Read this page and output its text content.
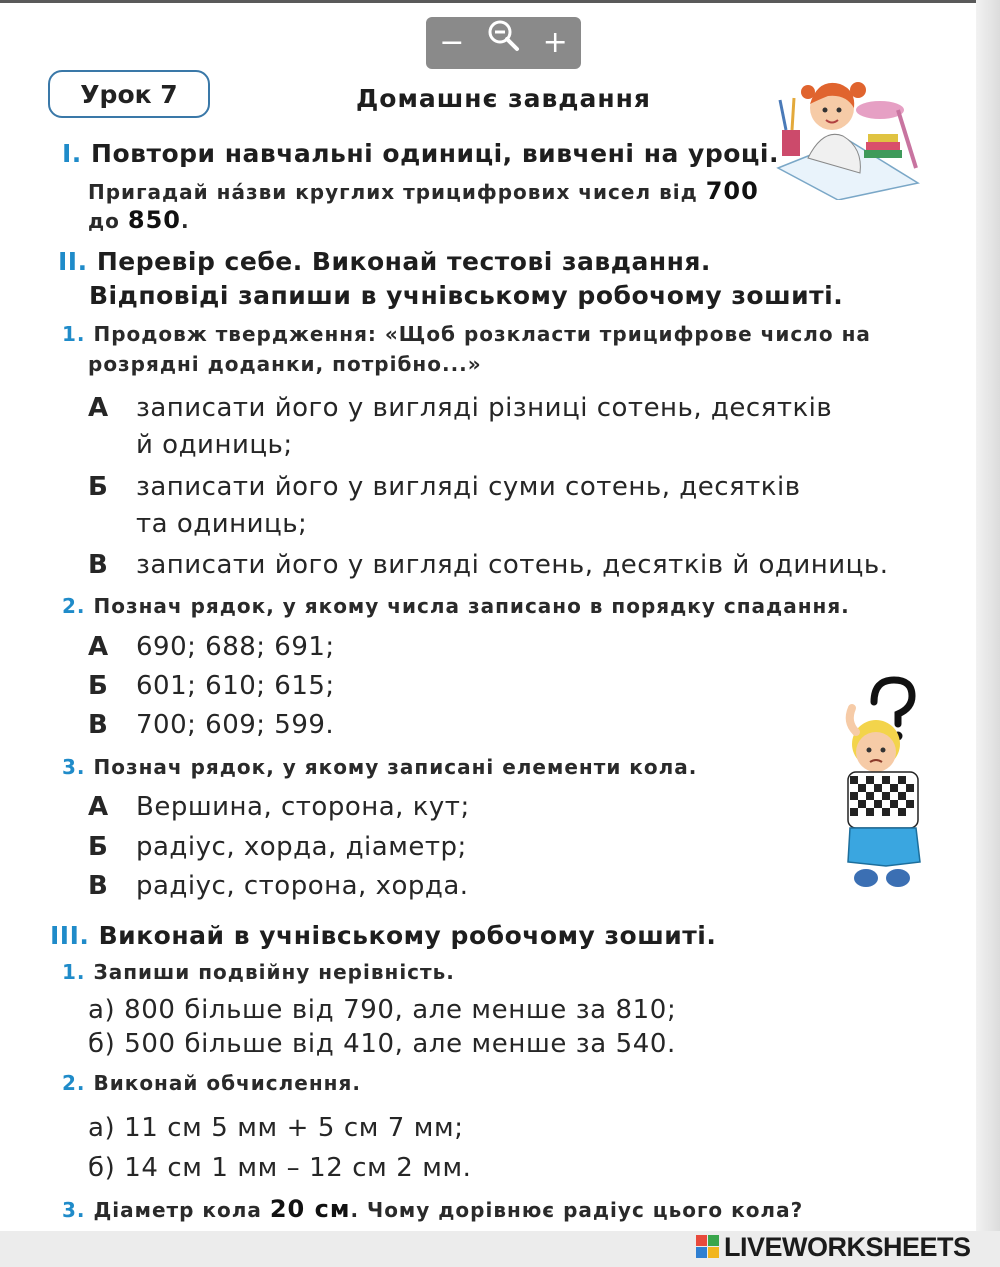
−	+
Урок 7	Домашнє завдання
I. Повтори навчальні одиниці, вивчені на уроці.
Пригадай на́зви круглих трицифрових чисел від 700
до 850.
II. Перевір себе. Виконай тестові завдання.
Відповіді запиши в учнівському робочому зошиті.
1. Продовж твердження: «Щоб розкласти трицифрове число на
розрядні доданки, потрібно...»
А записати його у вигляді різниці сотень, десятків
й одиниць;
Б записати його у вигляді суми сотень, десятків
та одиниць;
В записати його у вигляді сотень, десятків й одиниць.
2. Познач рядок, у якому числа записано в порядку спадання.
А 690; 688; 691;
Б 601; 610; 615;
В 700; 609; 599.
3. Познач рядок, у якому записані елементи кола.
А Вершина, сторона, кут;
Б радіус, хорда, діаметр;
В радіус, сторона, хорда.
III. Виконай в учнівському робочому зошиті.
1. Запиши подвійну нерівність.
а) 800 більше від 790, але менше за 810;
б) 500 більше від 410, але менше за 540.
2. Виконай обчислення.
а) 11 см 5 мм + 5 см 7 мм;
б) 14 см 1 мм – 12 см 2 мм.
3. Діаметр кола 20 см. Чому дорівнює радіус цього кола?
LIVEWORKSHEETS
